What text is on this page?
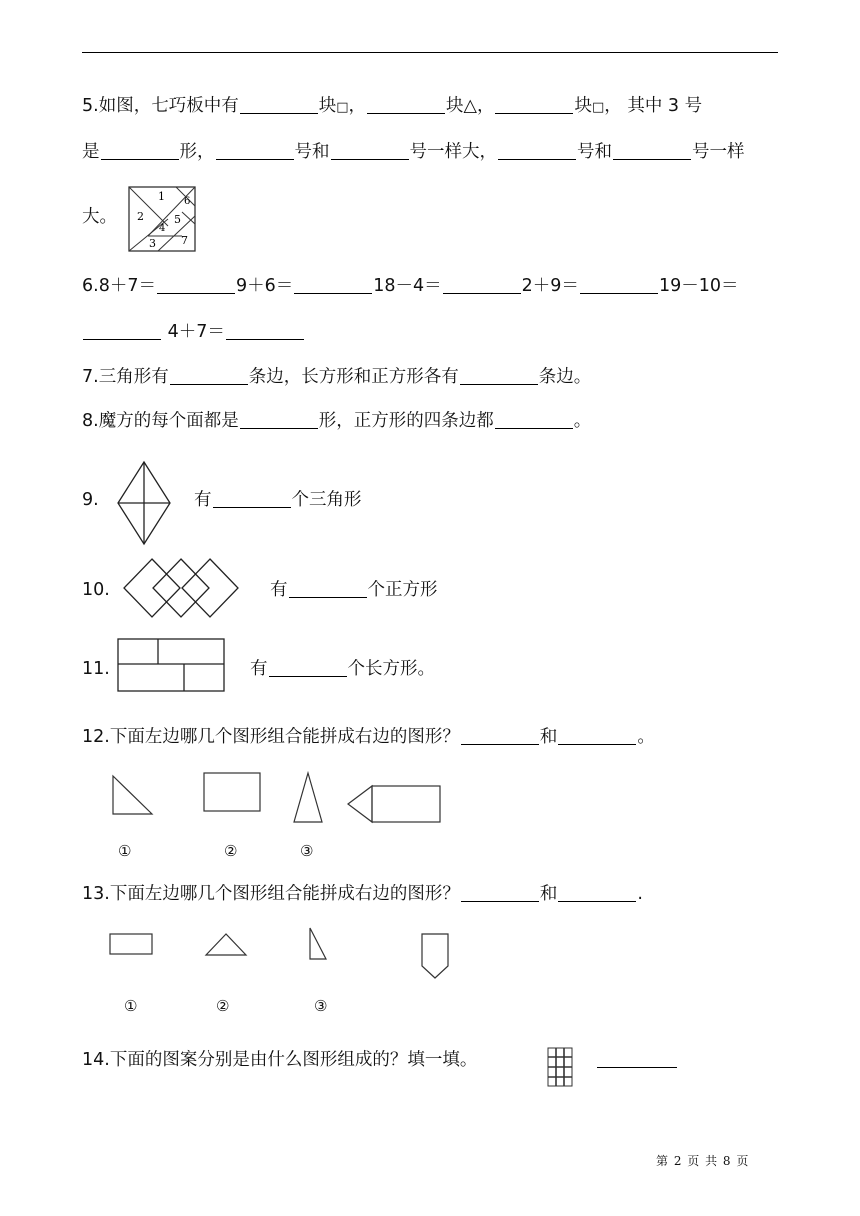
5.如图，七巧板中有	块□，	块△，	块□， 其中 3 号
是	形，	号和	号一样大，	号和	号一样
大。
1
2
4
5
6
3 7
6.8＋7＝	9＋6＝	18－4＝	2＋9＝	19－10＝
4＋7＝
7.三角形有	条边，长方形和正方形各有	条边。
8.魔方的每个面都是	形，正方形的四条边都	。
9.	有	个三角形
10.	有	个正方形
11.	有	个长方形。
12.下面左边哪几个图形组合能拼成右边的图形？	和	。
①	②	③
13.下面左边哪几个图形组合能拼成右边的图形？	和	.
①	②	③
14.下面的图案分别是由什么图形组成的？填一填。
第 2 页 共 8 页
